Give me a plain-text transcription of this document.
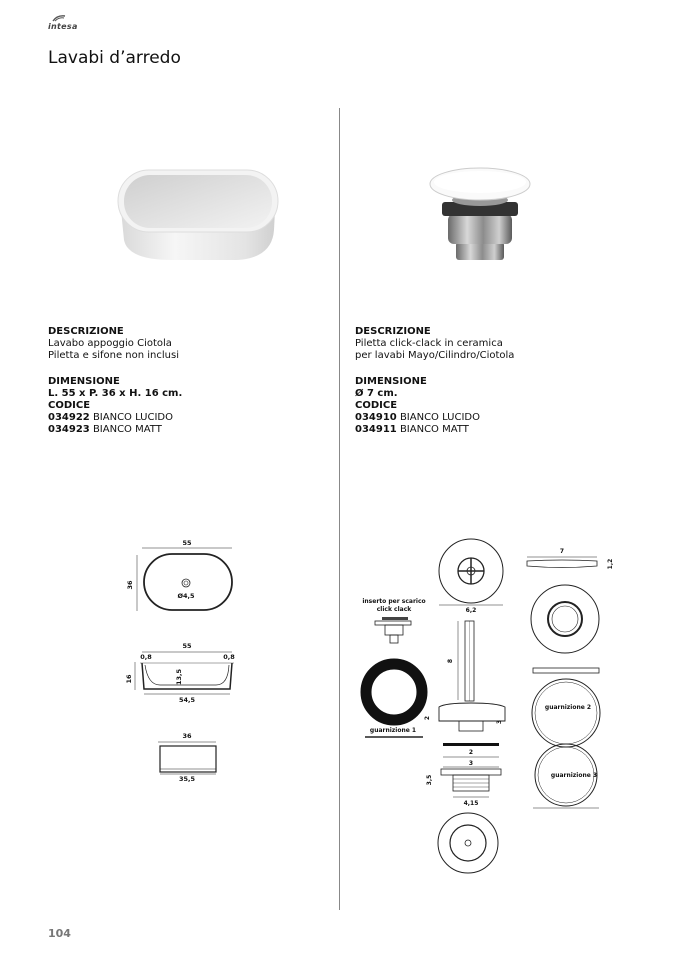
intesa
Lavabi d’arredo
DESCRIZIONE
Lavabo appoggio Ciotola
Piletta e sifone non inclusi
DIMENSIONE
L. 55 x P. 36 x H. 16 cm.
CODICE
034922 BIANCO LUCIDO
034923 BIANCO MATT
DESCRIZIONE
Piletta click-clack in ceramica
per lavabi Mayo/Cilindro/Ciotola
DIMENSIONE
Ø 7 cm.
CODICE
034910 BIANCO LUCIDO
034911 BIANCO MATT
55
36
Ø4,5
55
0,8	0,8
16	13,5
54,5
36
35,5
6,2
inserto per scarico
click clack
guarnizione 1
8
2
3
2
3
3,5
4,15
7
1,2
guarnizione 2
guarnizione 3
104
